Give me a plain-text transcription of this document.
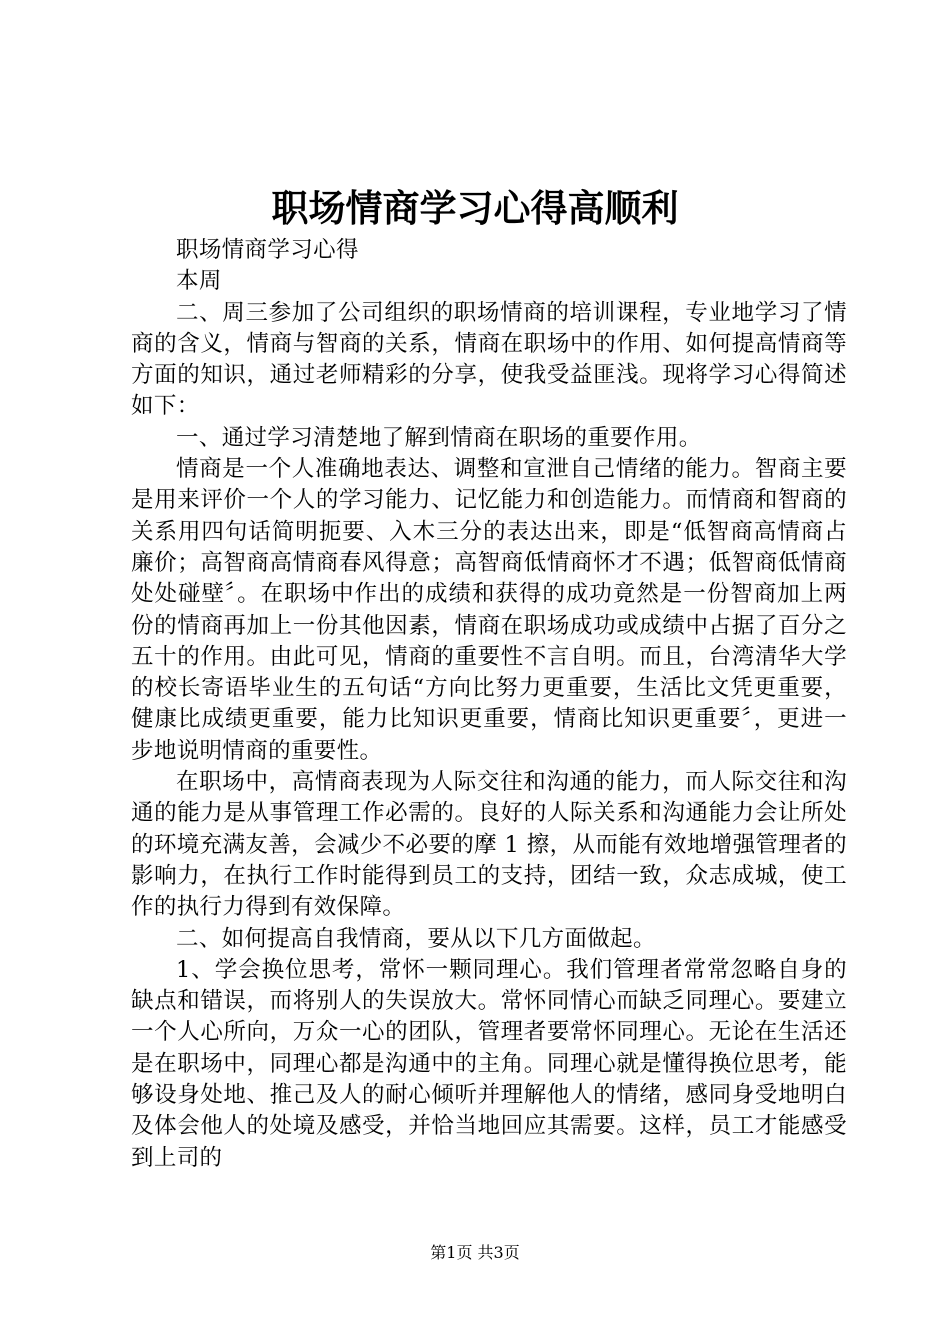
职场情商学习心得高顺利

职场情商学习心得

本周

二、周三参加了公司组织的职场情商的培训课程，专业地学习了情商的含义，情商与智商的关系，情商在职场中的作用、如何提高情商等方面的知识，通过老师精彩的分享，使我受益匪浅。现将学习心得简述如下：

一、通过学习清楚地了解到情商在职场的重要作用。

情商是一个人准确地表达、调整和宣泄自己情绪的能力。智商主要是用来评价一个人的学习能力、记忆能力和创造能力。而情商和智商的关系用四句话简明扼要、入木三分的表达出来，即是“低智商高情商占廉价；高智商高情商春风得意；高智商低情商怀才不遇；低智商低情商处处碰壁〞。在职场中作出的成绩和获得的成功竟然是一份智商加上两份的情商再加上一份其他因素，情商在职场成功或成绩中占据了百分之五十的作用。由此可见，情商的重要性不言自明。而且，台湾清华大学的校长寄语毕业生的五句话“方向比努力更重要，生活比文凭更重要，健康比成绩更重要，能力比知识更重要，情商比知识更重要〞，更进一步地说明情商的重要性。

在职场中，高情商表现为人际交往和沟通的能力，而人际交往和沟通的能力是从事管理工作必需的。良好的人际关系和沟通能力会让所处的环境充满友善，会减少不必要的摩 1 擦，从而能有效地增强管理者的影响力，在执行工作时能得到员工的支持，团结一致，众志成城，使工作的执行力得到有效保障。

二、如何提高自我情商，要从以下几方面做起。

1、学会换位思考，常怀一颗同理心。我们管理者常常忽略自身的缺点和错误，而将别人的失误放大。常怀同情心而缺乏同理心。要建立一个人心所向，万众一心的团队，管理者要常怀同理心。无论在生活还是在职场中，同理心都是沟通中的主角。同理心就是懂得换位思考，能够设身处地、推己及人的耐心倾听并理解他人的情绪，感同身受地明白及体会他人的处境及感受，并恰当地回应其需要。这样，员工才能感受到上司的

第1页 共3页
